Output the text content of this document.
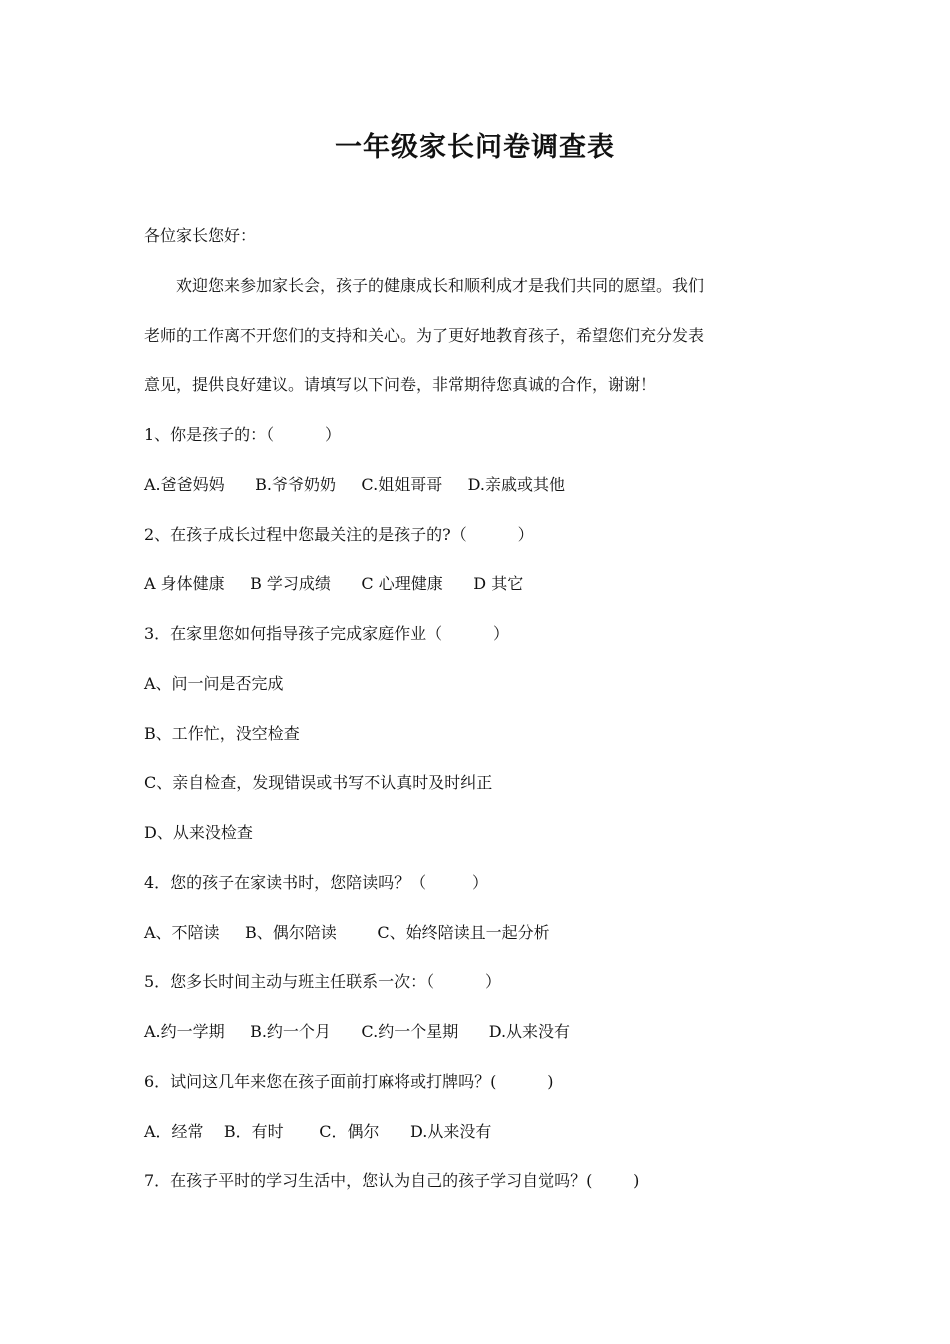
一年级家长问卷调查表
各位家长您好：
欢迎您来参加家长会，孩子的健康成长和顺利成才是我们共同的愿望。我们
老师的工作离不开您们的支持和关心。为了更好地教育孩子，希望您们充分发表
意见，提供良好建议。请填写以下问卷，非常期待您真诚的合作，谢谢！
1、你是孩子的：（          ）
A.爸爸妈妈      B.爷爷奶奶     C.姐姐哥哥     D.亲戚或其他
2、在孩子成长过程中您最关注的是孩子的?（          ）
A 身体健康     B 学习成绩      C 心理健康      D 其它
3．在家里您如何指导孩子完成家庭作业（          ）
A、问一问是否完成
B、工作忙，没空检查
C、亲自检查，发现错误或书写不认真时及时纠正
D、从来没检查
4．您的孩子在家读书时，您陪读吗？（         ）
A、不陪读     B、偶尔陪读        C、始终陪读且一起分析
5．您多长时间主动与班主任联系一次：（          ）
A.约一学期     B.约一个月      C.约一个星期      D.从来没有
6．试问这几年来您在孩子面前打麻将或打牌吗？(          )
A．经常    B．有时       C．偶尔      D.从来没有
7．在孩子平时的学习生活中，您认为自己的孩子学习自觉吗？(        )
